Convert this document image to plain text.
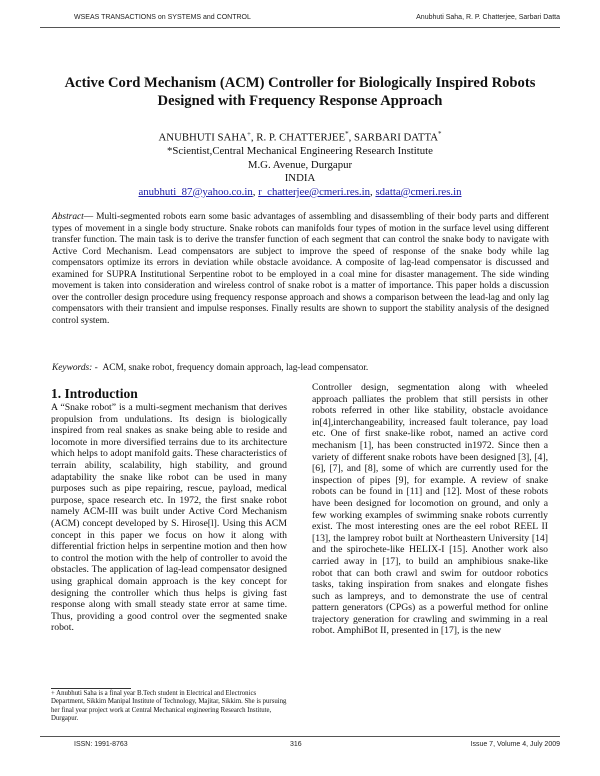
WSEAS TRANSACTIONS on SYSTEMS and CONTROL	Anubhuti Saha, R. P. Chatterjee, Sarbari Datta
Active Cord Mechanism (ACM) Controller for Biologically Inspired Robots
Designed with Frequency Response Approach
ANUBHUTI SAHA+, R. P. CHATTERJEE*, SARBARI DATTA*
*Scientist,Central Mechanical Engineering Research Institute
M.G. Avenue, Durgapur
INDIA
anubhuti_87@yahoo.co.in, r_chatterjee@cmeri.res.in, sdatta@cmeri.res.in
Abstract— Multi-segmented robots earn some basic advantages of assembling and disassembling of their body parts and different types of movement in a single body structure. Snake robots can manifolds four types of motion in the surface level using different transfer function. The main task is to derive the transfer function of each segment that can control the snake body to navigate with Active Cord Mechanism. Lead compensators are subject to improve the speed of response of the snake body while lag compensators optimize its errors in deviation while obstacle avoidance. A composite of lag-lead compensator is discussed and examined for SUPRA Institutional Serpentine robot to be employed in a coal mine for disaster management. The side winding movement is taken into consideration and wireless control of snake robot is a matter of importance. This paper holds a discussion over the controller design procedure using frequency response approach and shows a comparison between the lead-lag and only lag compensators with their transient and impulse responses. Finally results are shown to support the stability analysis of the designed control system.
Keywords: - ACM, snake robot, frequency domain approach, lag-lead compensator.
1. Introduction
A “Snake robot” is a multi-segment mechanism that derives propulsion from undulations. Its design is biologically inspired from real snakes as snake being able to reside and locomote in more diversified terrains due to its architecture which helps to adopt manifold gaits. These characteristics of terrain ability, scalability, high stability, and ground adaptability the snake like robot can be used in many purposes such as pipe repairing, rescue, payload, medical purpose, space research etc. In 1972, the first snake robot namely ACM-III was built under Active Cord Mechanism (ACM) concept developed by S. Hirose[l]. Using this ACM concept in this paper we focus on how it along with differential friction helps in serpentine motion and then how to control the motion with the help of controller to avoid the obstacles. The application of lag-lead compensator designed using graphical domain approach is the key concept for designing the controller which thus helps is giving fast response along with small steady state error at same time. Thus, providing a good control over the segmented snake robot.
Controller design, segmentation along with wheeled approach palliates the problem that still persists in other robots referred in other like stability, obstacle avoidance in[4],interchangeability, increased fault tolerance, pay load etc. One of first snake-like robot, named an active cord mechanism [1], has been constructed in1972. Since then a variety of different snake robots have been designed [3], [4], [6], [7], and [8], some of which are currently used for the inspection of pipes [9], for example. A review of snake robots can be found in [11] and [12]. Most of these robots have been designed for locomotion on ground, and only a few working examples of swimming snake robots currently exist. The most interesting ones are the eel robot REEL II [13], the lamprey robot built at Northeastern University [14] and the spirochete-like HELIX-I [15]. Another work also carried away in [17], to build an amphibious snake-like robot that can both crawl and swim for outdoor robotics tasks, taking inspiration from snakes and elongate fishes such as lampreys, and to demonstrate the use of central pattern generators (CPGs) as a powerful method for online trajectory generation for crawling and swimming in a real robot. AmphiBot II, presented in [17], is the new
+ Anubhuti Saha is a final year B.Tech student in Electrical and Electronics Department, Sikkim Manipal Institute of Technology, Majitar, Sikkim. She is pursuing her final year project work at Central Mechanical engineering Research Institute, Durgapur.
ISSN: 1991-8763	316	Issue 7, Volume 4, July 2009
